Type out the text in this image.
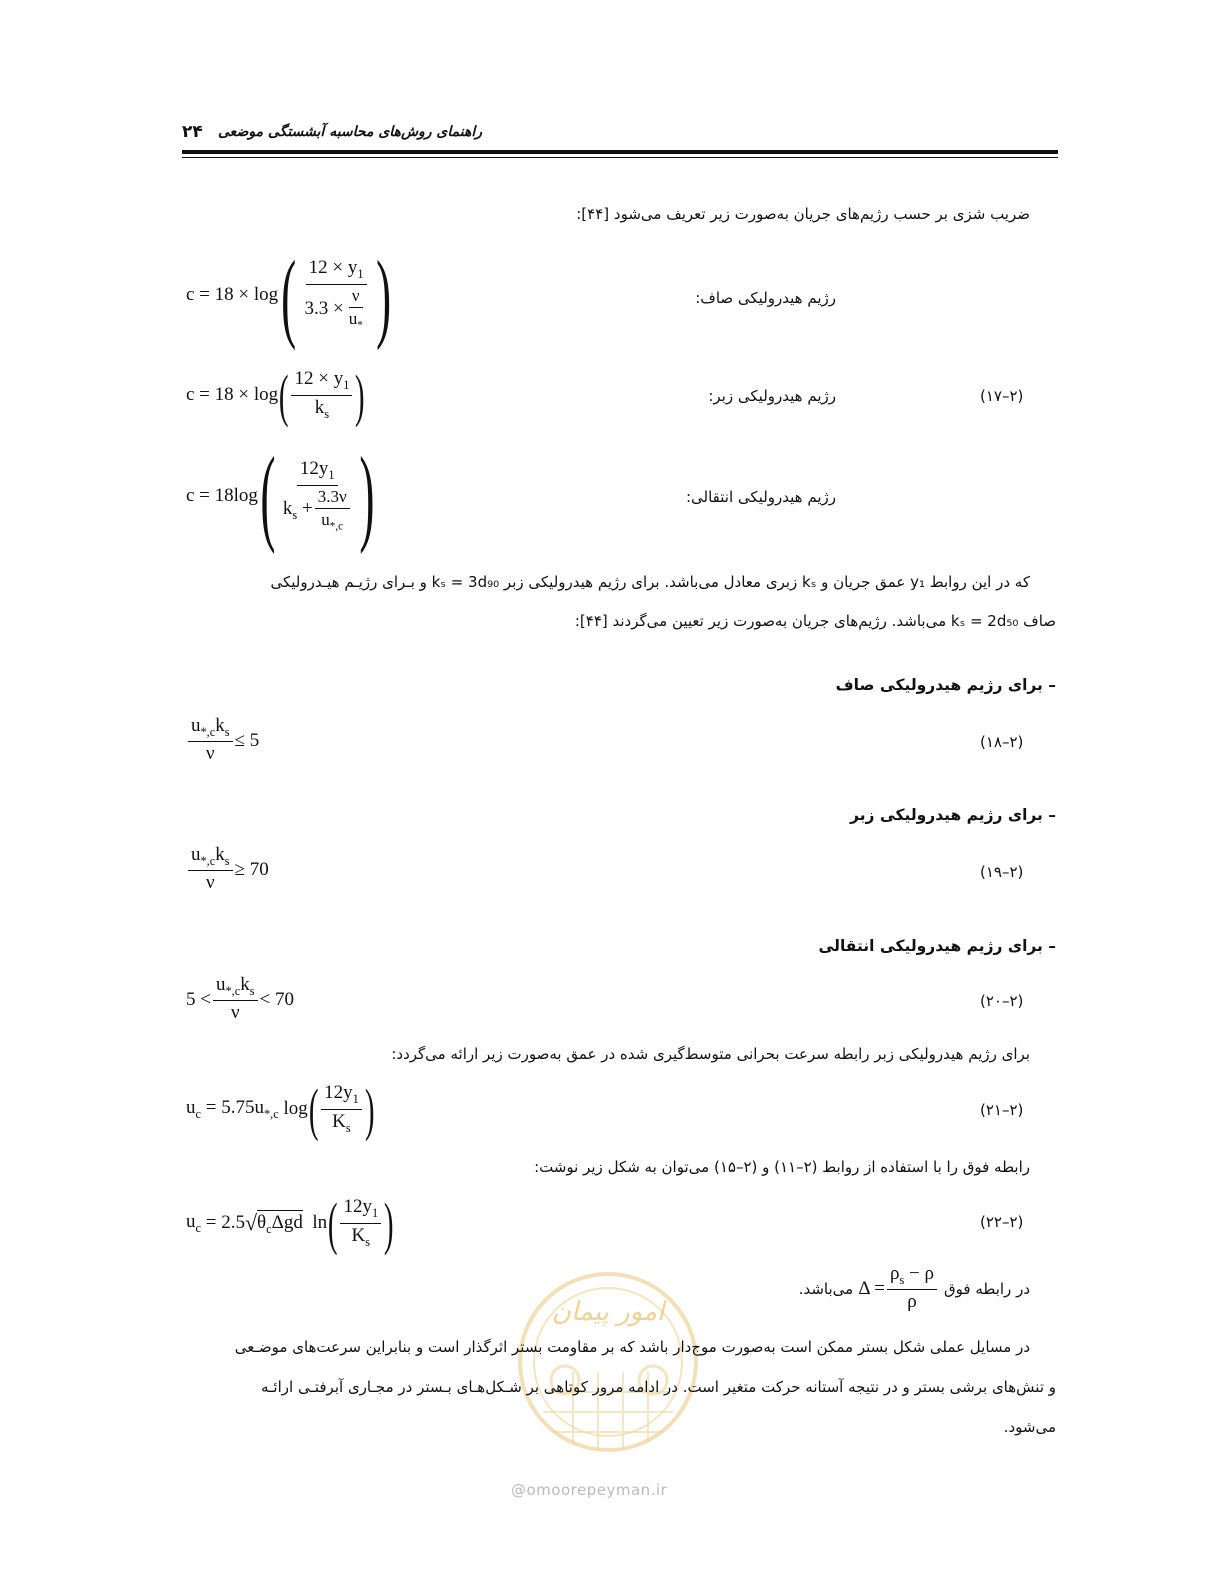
۲۴ راهنمای روش‌های محاسبه آبشستگی موضعی
ضریب شزی بر حسب رژیم‌های جریان به‌صورت زیر تعریف می‌شود [۴۴]:
c = 18 × log ( $\frac{12 \times y_1}{3.3 \times \frac{\nu}{u_*}}$ )	رژیم هیدرولیکی صاف:
c = 18 × log ( $\frac{12 \times y_1}{k_s}$ )	رژیم هیدرولیکی زبر:	(۲–۱۷)
c = 18log ( $\frac{12y_1}{k_s + \frac{3.3\nu}{u_{*,c}}}$ )	رژیم هیدرولیکی انتقالی:
که در این روابط y₁ عمق جریان و kₛ زبری معادل می‌باشد. برای رژیم هیدرولیکی زبر kₛ = 3d₉₀ و بـرای رژیـم هیـدرولیکی
صاف kₛ = 2d₅₀ می‌باشد. رژیم‌های جریان به‌صورت زیر تعیین می‌گردند [۴۴]:
– برای رژیم هیدرولیکی صاف
$\frac{u_{*,c}k_s}{\nu} \le 5$	(۲–۱۸)
– برای رژیم هیدرولیکی زبر
$\frac{u_{*,c}k_s}{\nu} \ge 70$	(۲–۱۹)
– برای رژیم هیدرولیکی انتقالی
$5 < \frac{u_{*,c}k_s}{\nu} < 70$	(۲–۲۰)
برای رژیم هیدرولیکی زبر رابطه سرعت بحرانی متوسط‌گیری شده در عمق به‌صورت زیر ارائه می‌گردد:
$u_c$
= $5.75u_{*,c}$
log ( $\frac{12y_1}{K_s}$ )	(۲–۲۱)
رابطه فوق را با استفاده از روابط (۲–۱۱) و (۲–۱۵) می‌توان به شکل زیر نوشت:
$u_c$
= 2.5 √ $\theta_c\Delta gd$
ln ( $\frac{12y_1}{K_s}$ )	(۲–۲۲)
در رابطه فوق

$\Delta = \frac{\rho_s - \rho}{\rho}$

می‌باشد.
امور پیمان
در مسایل عملی شکل بستر ممکن است به‌صورت موج‌دار باشد که بر مقاومت بستر اثرگذار است و بنابراین سرعت‌های موضـعی
و تنش‌های برشی بستر و در نتیجه آستانه حرکت متغیر است. در ادامه مرور کوتاهی بر شـکل‌هـای بـستر در مجـاری آبرفتـی ارائـه
می‌شود.
@omoorepeyman.ir
